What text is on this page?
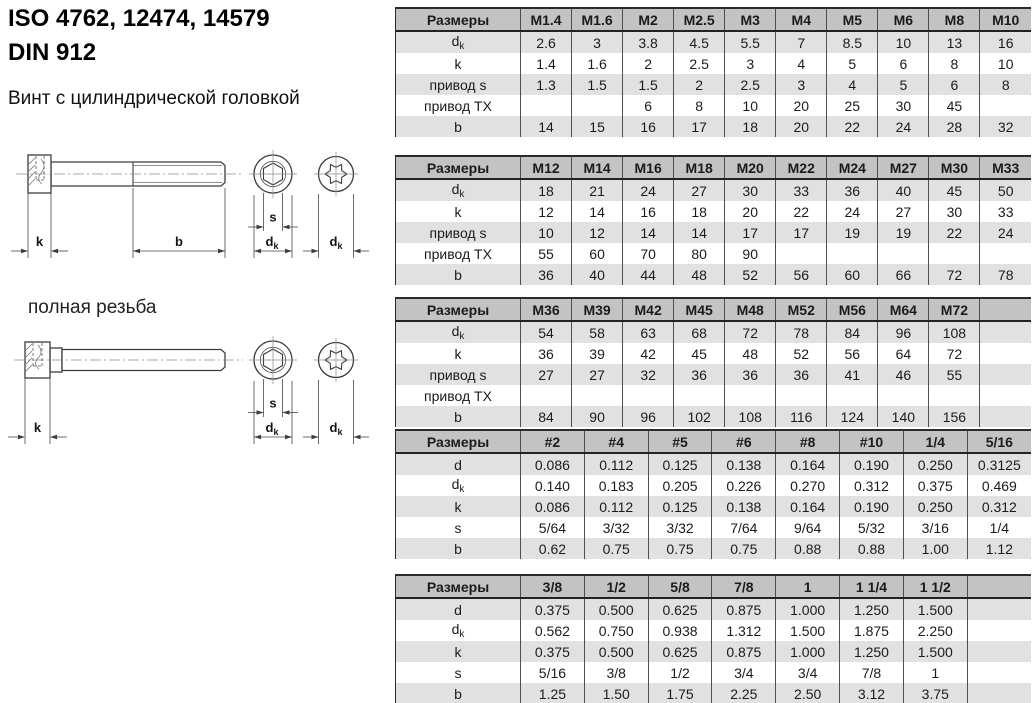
ISO 4762, 12474, 14579
DIN 912
Винт с цилиндрической головкой
k	b
s
$d_k$	$d_k$
полная резьба
k
s
$d_k$	$d_k$
Размеры	M1.4	M1.6	M2	M2.5	M3	M4	M5	M6	M8	M10
$d_k$	2.6	3	3.8	4.5	5.5	7	8.5	10	13	16
k	1.4	1.6	2	2.5	3	4	5	6	8	10
привод s	1.3	1.5	1.5	2	2.5	3	4	5	6	8
привод TX			6	8	10	20	25	30	45	
b	14	15	16	17	18	20	22	24	28	32
Размеры	M12	M14	M16	M18	M20	M22	M24	M27	M30	M33
$d_k$	18	21	24	27	30	33	36	40	45	50
k	12	14	16	18	20	22	24	27	30	33
привод s	10	12	14	14	17	17	19	19	22	24
привод TX	55	60	70	80	90					
b	36	40	44	48	52	56	60	66	72	78
Размеры	M36	M39	M42	M45	M48	M52	M56	M64	M72	
$d_k$	54	58	63	68	72	78	84	96	108	
k	36	39	42	45	48	52	56	64	72	
привод s	27	27	32	36	36	36	41	46	55	
привод TX										
b	84	90	96	102	108	116	124	140	156	
Размеры	#2	#4	#5	#6	#8	#10	1/4	5/16
d	0.086	0.112	0.125	0.138	0.164	0.190	0.250	0.3125
$d_k$	0.140	0.183	0.205	0.226	0.270	0.312	0.375	0.469
k	0.086	0.112	0.125	0.138	0.164	0.190	0.250	0.312
s	5/64	3/32	3/32	7/64	9/64	5/32	3/16	1/4
b	0.62	0.75	0.75	0.75	0.88	0.88	1.00	1.12
Размеры	3/8	1/2	5/8	7/8	1	1 1/4	1 1/2	
d	0.375	0.500	0.625	0.875	1.000	1.250	1.500	
$d_k$	0.562	0.750	0.938	1.312	1.500	1.875	2.250	
k	0.375	0.500	0.625	0.875	1.000	1.250	1.500	
s	5/16	3/8	1/2	3/4	3/4	7/8	1	
b	1.25	1.50	1.75	2.25	2.50	3.12	3.75	
